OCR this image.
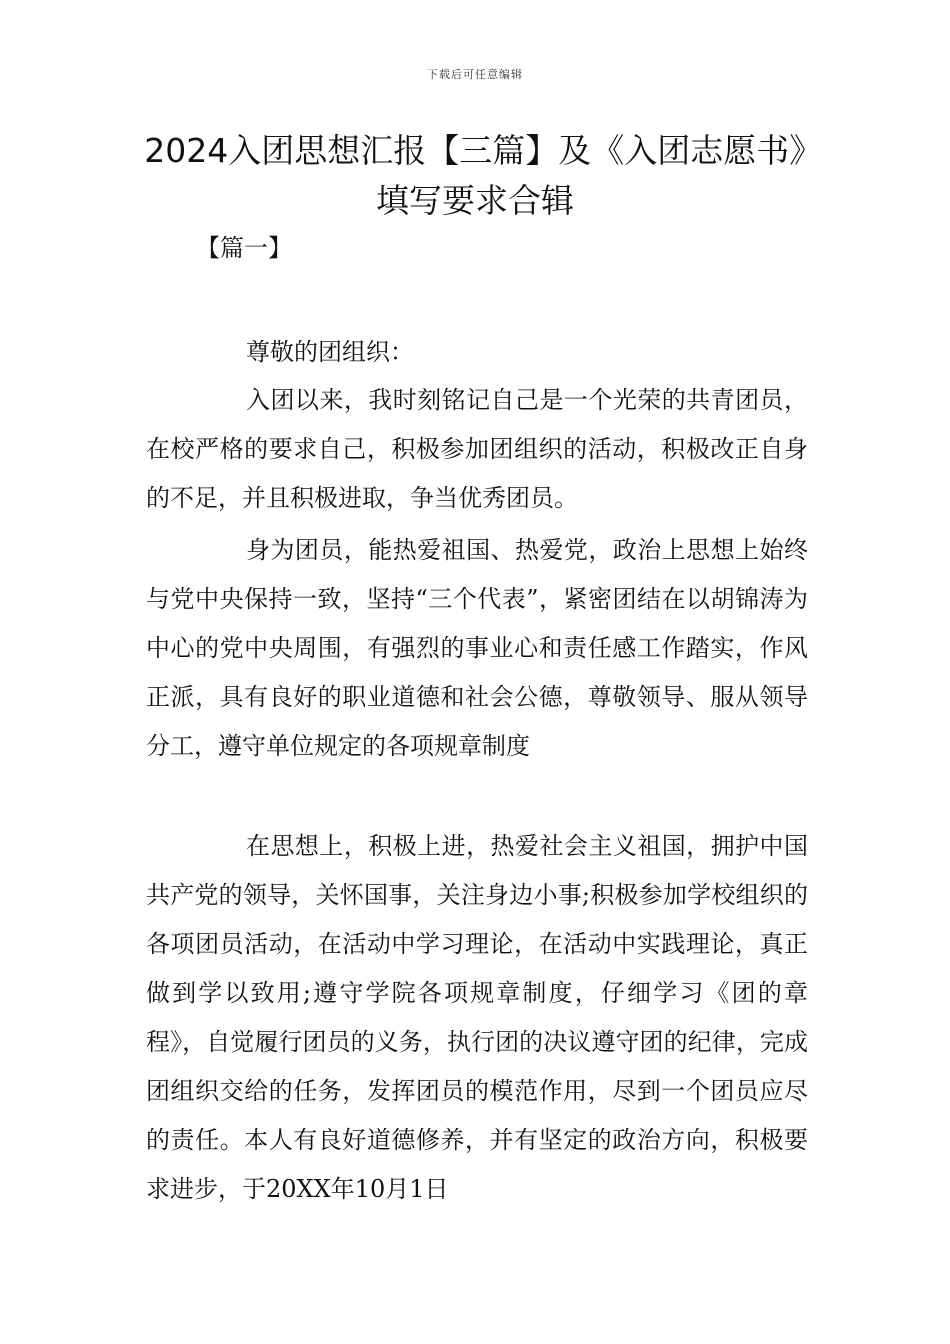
下载后可任意编辑
2024入团思想汇报【三篇】及《入团志愿书》填写要求合辑
【篇一】

尊敬的团组织：

入团以来，我时刻铭记自己是一个光荣的共青团员，在校严格的要求自己，积极参加团组织的活动，积极改正自身的不足，并且积极进取，争当优秀团员。

身为团员，能热爱祖国、热爱党，政治上思想上始终与党中央保持一致，坚持“三个代表”，紧密团结在以胡锦涛为中心的党中央周围，有强烈的事业心和责任感工作踏实，作风正派，具有良好的职业道德和社会公德，尊敬领导、服从领导分工，遵守单位规定的各项规章制度

在思想上，积极上进，热爱社会主义祖国，拥护中国共产党的领导，关怀国事，关注身边小事;积极参加学校组织的各项团员活动，在活动中学习理论，在活动中实践理论，真正做到学以致用;遵守学院各项规章制度，仔细学习《团的章程》，自觉履行团员的义务，执行团的决议遵守团的纪律，完成团组织交给的任务，发挥团员的模范作用，尽到一个团员应尽的责任。本人有良好道德修养，并有坚定的政治方向，积极要求进步，于20XX年10月1日
